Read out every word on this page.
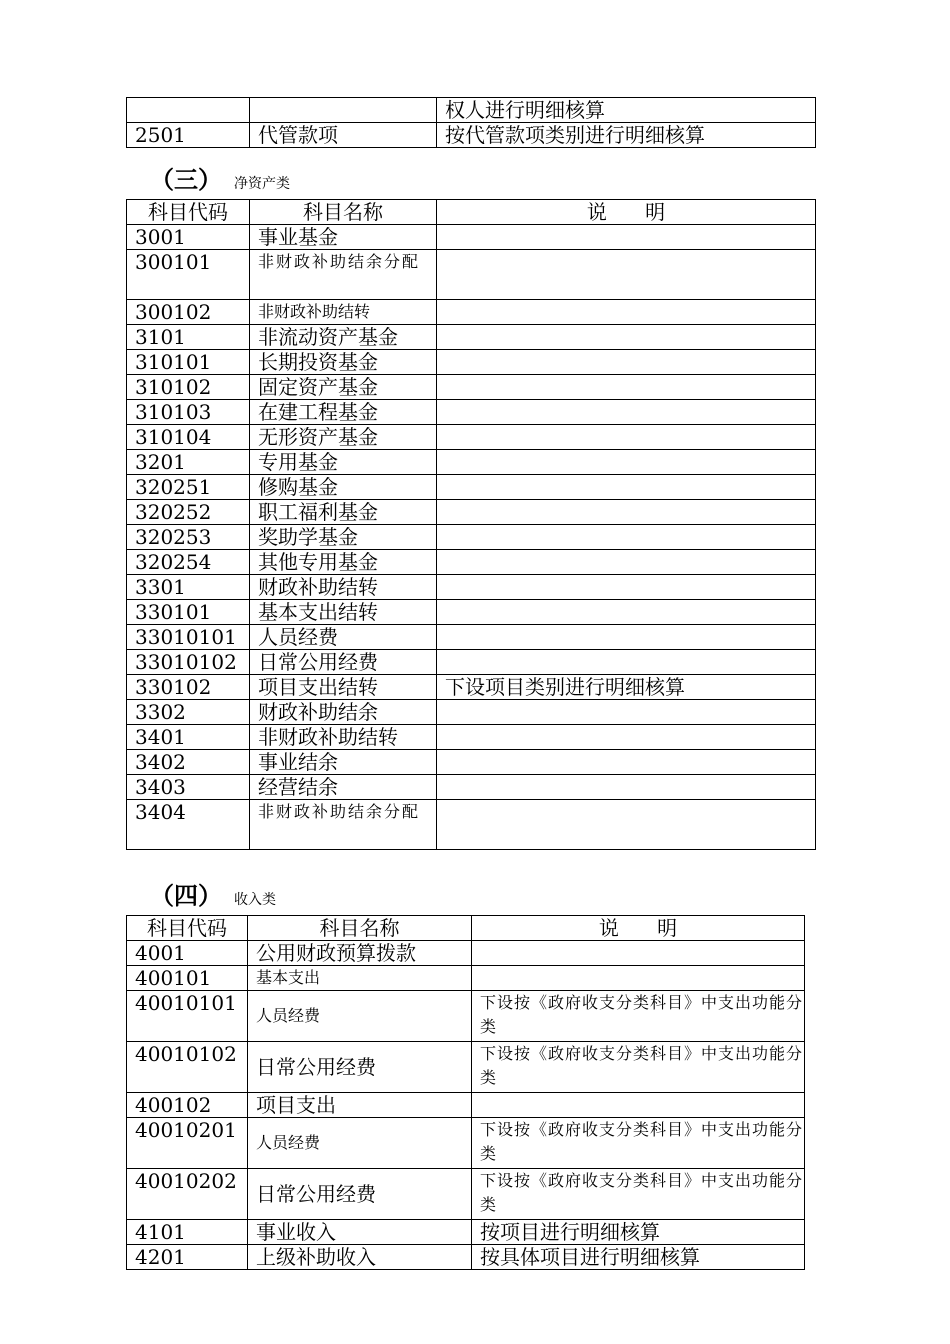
		权人进行明细核算
2501	代管款项	按代管款项类别进行明细核算
（三） 净资产类
科目代码	科目名称	说      明
3001	事业基金	
300101	非财政补助结余分配	
300102	非财政补助结转	
3101	非流动资产基金	
310101	长期投资基金	
310102	固定资产基金	
310103	在建工程基金	
310104	无形资产基金	
3201	专用基金	
320251	修购基金	
320252	职工福利基金	
320253	奖助学基金	
320254	其他专用基金	
3301	财政补助结转	
330101	基本支出结转	
33010101	人员经费	
33010102	日常公用经费	
330102	项目支出结转	下设项目类别进行明细核算
3302	财政补助结余	
3401	非财政补助结转	
3402	事业结余	
3403	经营结余	
3404	非财政补助结余分配	
（四） 收入类
科目代码	科目名称	说      明
4001	公用财政预算拨款	
400101	基本支出	
40010101	人员经费	下设按《政府收支分类科目》中支出功能分类
40010102	日常公用经费	下设按《政府收支分类科目》中支出功能分类
400102	项目支出	
40010201	人员经费	下设按《政府收支分类科目》中支出功能分类
40010202	日常公用经费	下设按《政府收支分类科目》中支出功能分类
4101	事业收入	按项目进行明细核算
4201	上级补助收入	按具体项目进行明细核算
